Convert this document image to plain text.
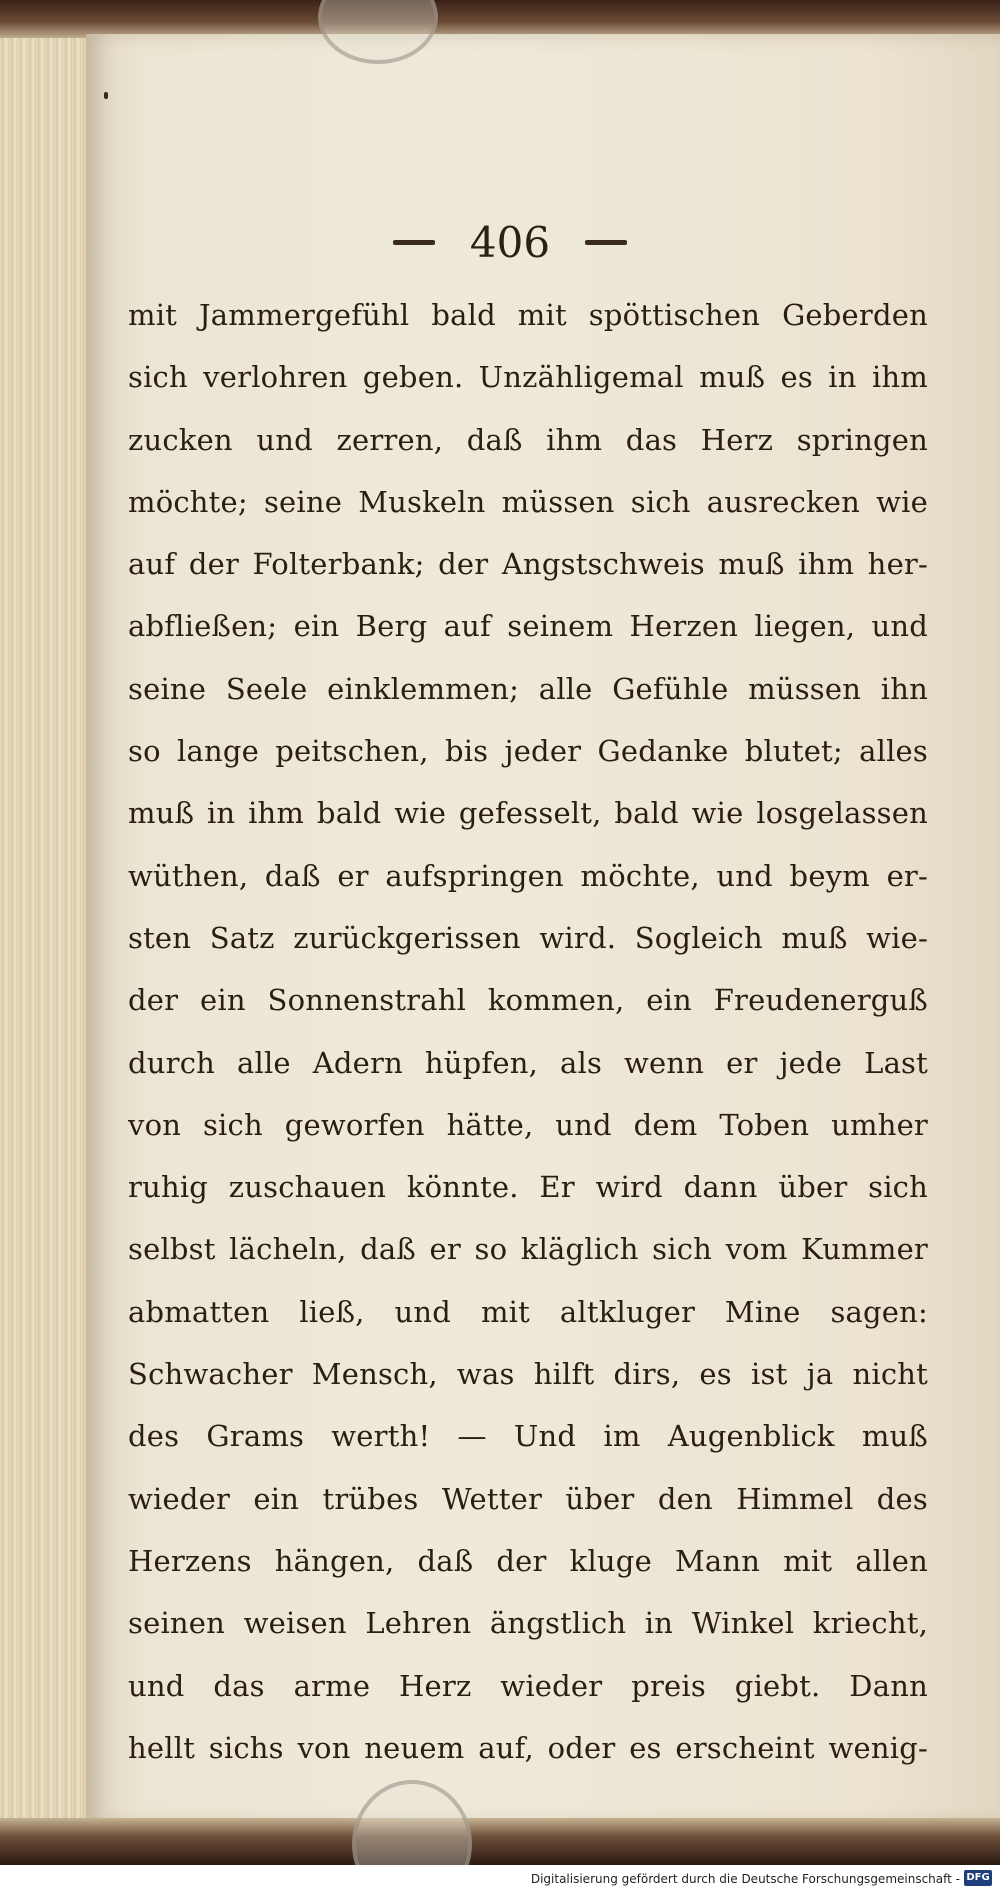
406
mit Jammergefühl bald mit spöttischen Geberden
sich verlohren geben. Unzähligemal muß es in ihm
zucken und zerren, daß ihm das Herz springen
möchte; seine Muskeln müssen sich ausrecken wie
auf der Folterbank; der Angstschweis muß ihm her-
abfließen; ein Berg auf seinem Herzen liegen, und
seine Seele einklemmen; alle Gefühle müssen ihn
so lange peitschen, bis jeder Gedanke blutet; alles
muß in ihm bald wie gefesselt, bald wie losgelassen
wüthen, daß er aufspringen möchte, und beym er-
sten Satz zurückgerissen wird. Sogleich muß wie-
der ein Sonnenstrahl kommen, ein Freudenerguß
durch alle Adern hüpfen, als wenn er jede Last
von sich geworfen hätte, und dem Toben umher
ruhig zuschauen könnte. Er wird dann über sich
selbst lächeln, daß er so kläglich sich vom Kummer
abmatten ließ, und mit altkluger Mine sagen:
Schwacher Mensch, was hilft dirs, es ist ja nicht
des Grams werth! — Und im Augenblick muß
wieder ein trübes Wetter über den Himmel des
Herzens hängen, daß der kluge Mann mit allen
seinen weisen Lehren ängstlich in Winkel kriecht,
und das arme Herz wieder preis giebt. Dann
hellt sichs von neuem auf, oder es erscheint wenig-
Digitalisierung gefördert durch die Deutsche Forschungsgemeinschaft - DFG
